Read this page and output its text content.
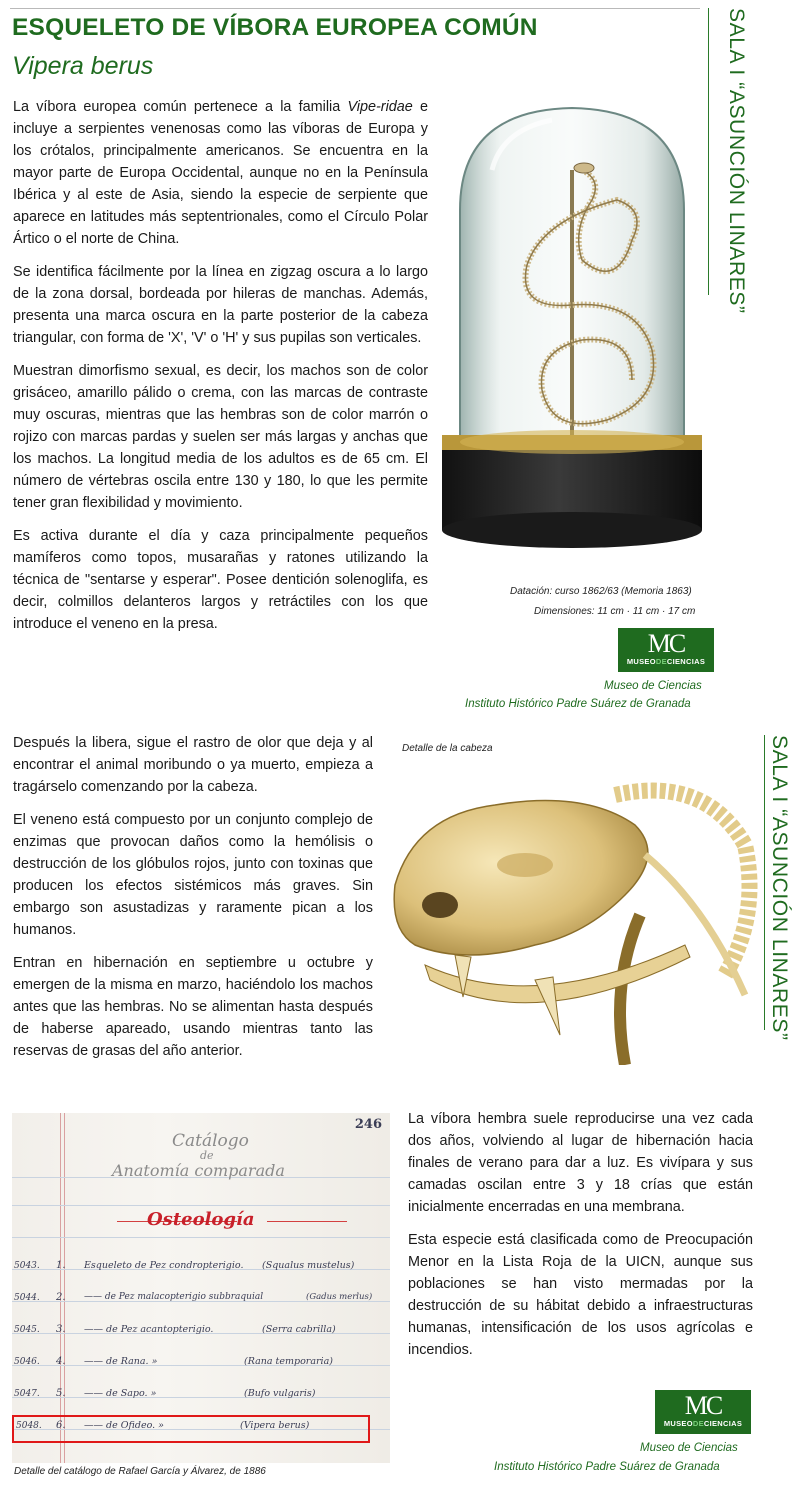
ESQUELETO DE VÍBORA EUROPEA COMÚN
Vipera berus	SALA I “ASUNCIÓN LINARES”
SALA I “ASUNCIÓN LINARES”

La víbora europea común pertenece a la familia Vipe-ridae e incluye a serpientes venenosas como las víboras de Europa y los crótalos, principalmente americanos. Se encuentra en la mayor parte de Europa Occidental, aunque no en la Península Ibérica y al este de Asia, siendo la especie de serpiente que aparece en latitudes más septentrionales, como el Círculo Polar Ártico o el norte de China.

Se identifica fácilmente por la línea en zigzag oscura a lo largo de la zona dorsal, bordeada por hileras de manchas. Además, presenta una marca oscura en la parte posterior de la cabeza triangular, con forma de 'X', 'V' o 'H' y sus pupilas son verticales.

Muestran dimorfismo sexual, es decir, los machos son de color grisáceo, amarillo pálido o crema, con las marcas de contraste muy oscuras, mientras que las hembras son de color marrón o rojizo con marcas pardas y suelen ser más largas y anchas que los machos. La longitud media de los adultos es de 65 cm. El número de vértebras oscila entre 130 y 180, lo que les permite tener gran flexibilidad y movimiento.

Es activa durante el día y caza principalmente pequeños mamíferos como topos, musarañas y ratones utilizando la técnica de "sentarse y esperar". Posee dentición solenoglifa, es decir, colmillos delanteros largos y retráctiles con los que introduce el veneno en la presa.

Datación: curso 1862/63 (Memoria 1863)
Dimensiones: 11 cm · 11 cm · 17 cm
MC
MUSEODECIENCIAS
Museo de Ciencias
Instituto Histórico Padre Suárez de Granada

Después la libera, sigue el rastro de olor que deja y al encontrar el animal moribundo o ya muerto, empieza a tragárselo comenzando por la cabeza.

El veneno está compuesto por un conjunto complejo de enzimas que provocan daños como la hemólisis o destrucción de los glóbulos rojos, junto con toxinas que producen los efectos sistémicos más graves. Sin embargo son asustadizas y raramente pican a los humanos.

Entran en hibernación en septiembre u octubre y emergen de la misma en marzo, haciéndolo los machos antes que las hembras. No se alimentan hasta después de haberse apareado, usando mientras tanto las reservas de grasas del año anterior.

Detalle de la cabeza
246
Catálogo
de
Anatomía comparada
Osteología
5043. 1. Esqueleto de Pez condropterigio. (Squalus mustelus)
5044. 2. —— de Pez malacopterigio subbraquial	(Gadus merlus)
5045. 3. —— de Pez acantopterigio.	(Serra cabrilla)
5046. 4. —— de Rana. »	(Rana temporaria)
5047. 5. —— de Sapo. »	(Bufo vulgaris)
5048. 6. —— de Ofideo. »	(Vipera berus)
Detalle del catálogo de Rafael García y Álvarez, de 1886

La víbora hembra suele reproducirse una vez cada dos años, volviendo al lugar de hibernación hacia finales de verano para dar a luz. Es vivípara y sus camadas oscilan entre 3 y 18 crías que están inicialmente encerradas en una membrana.

Esta especie está clasificada como de Preocupación Menor en la Lista Roja de la UICN, aunque sus poblaciones se han visto mermadas por la destrucción de su hábitat debido a infraestructuras humanas, intensificación de los usos agrícolas e incendios.

MC
MUSEODECIENCIAS
Museo de Ciencias
Instituto Histórico Padre Suárez de Granada
